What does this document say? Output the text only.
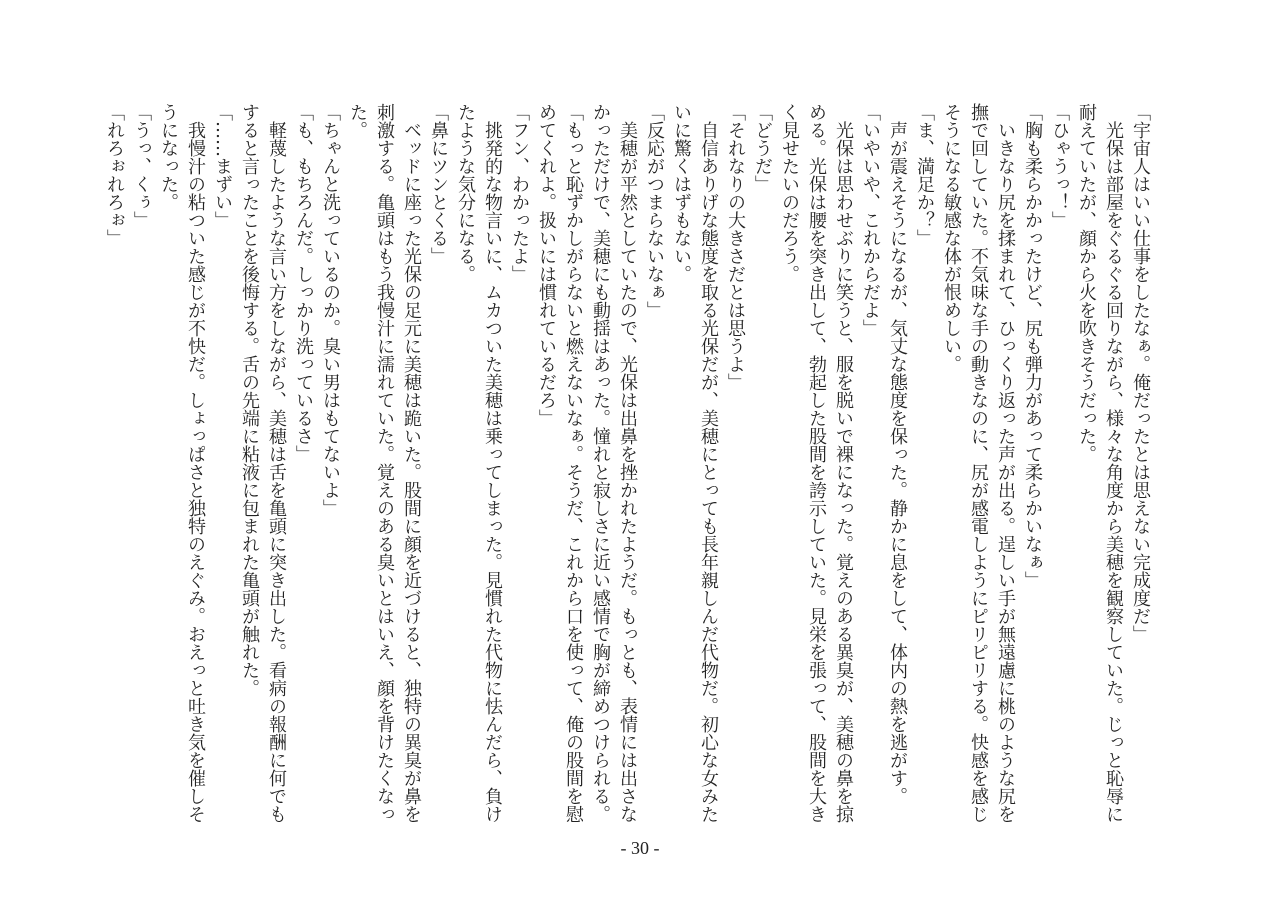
「宇宙人はいい仕事をしたなぁ。俺だったとは思えない完成度だ」

　光保は部屋をぐるぐる回りながら、様々な角度から美穂を観察していた。じっと恥辱に

耐えていたが、顔から火を吹きそうだった。

「ひゃうっ！」

「胸も柔らかかったけど、尻も弾力があって柔らかいなぁ」

　いきなり尻を揉まれて、ひっくり返った声が出る。逞しい手が無遠慮に桃のような尻を

撫で回していた。不気味な手の動きなのに、尻が感電しようにピリピリする。快感を感じ

そうになる敏感な体が恨めしい。

「ま、満足か？」

　声が震えそうになるが、気丈な態度を保った。静かに息をして、体内の熱を逃がす。

「いやいや、これからだよ」

　光保は思わせぶりに笑うと、服を脱いで裸になった。覚えのある異臭が、美穂の鼻を掠

める。光保は腰を突き出して、勃起した股間を誇示していた。見栄を張って、股間を大き

く見せたいのだろう。

「どうだ」

「それなりの大きさだとは思うよ」

　自信ありげな態度を取る光保だが、美穂にとっても長年親しんだ代物だ。初心な女みた

いに驚くはずもない。

「反応がつまらないなぁ」

　美穂が平然としていたので、光保は出鼻を挫かれたようだ。もっとも、表情には出さな

かっただけで、美穂にも動揺はあった。憧れと寂しさに近い感情で胸が締めつけられる。

「もっと恥ずかしがらないと燃えないなぁ。そうだ、これから口を使って、俺の股間を慰

めてくれよ。扱いには慣れているだろ」

「フン、わかったよ」

　挑発的な物言いに、ムカついた美穂は乗ってしまった。見慣れた代物に怯んだら、負け

たような気分になる。

「鼻にツンとくる」

　ベッドに座った光保の足元に美穂は跪いた。股間に顔を近づけると、独特の異臭が鼻を

刺激する。亀頭はもう我慢汁に濡れていた。覚えのある臭いとはいえ、顔を背けたくなっ

た。

「ちゃんと洗っているのか。臭い男はもてないよ」

「も、もちろんだ。しっかり洗っているさ」

　軽蔑したような言い方をしながら、美穂は舌を亀頭に突き出した。看病の報酬に何でも

すると言ったことを後悔する。舌の先端に粘液に包まれた亀頭が触れた。

「……まずい」

　我慢汁の粘ついた感じが不快だ。しょっぱさと独特のえぐみ。おえっと吐き気を催しそ

うになった。

「うっ、くぅ」

「れろぉれろぉ」

- 30 -
